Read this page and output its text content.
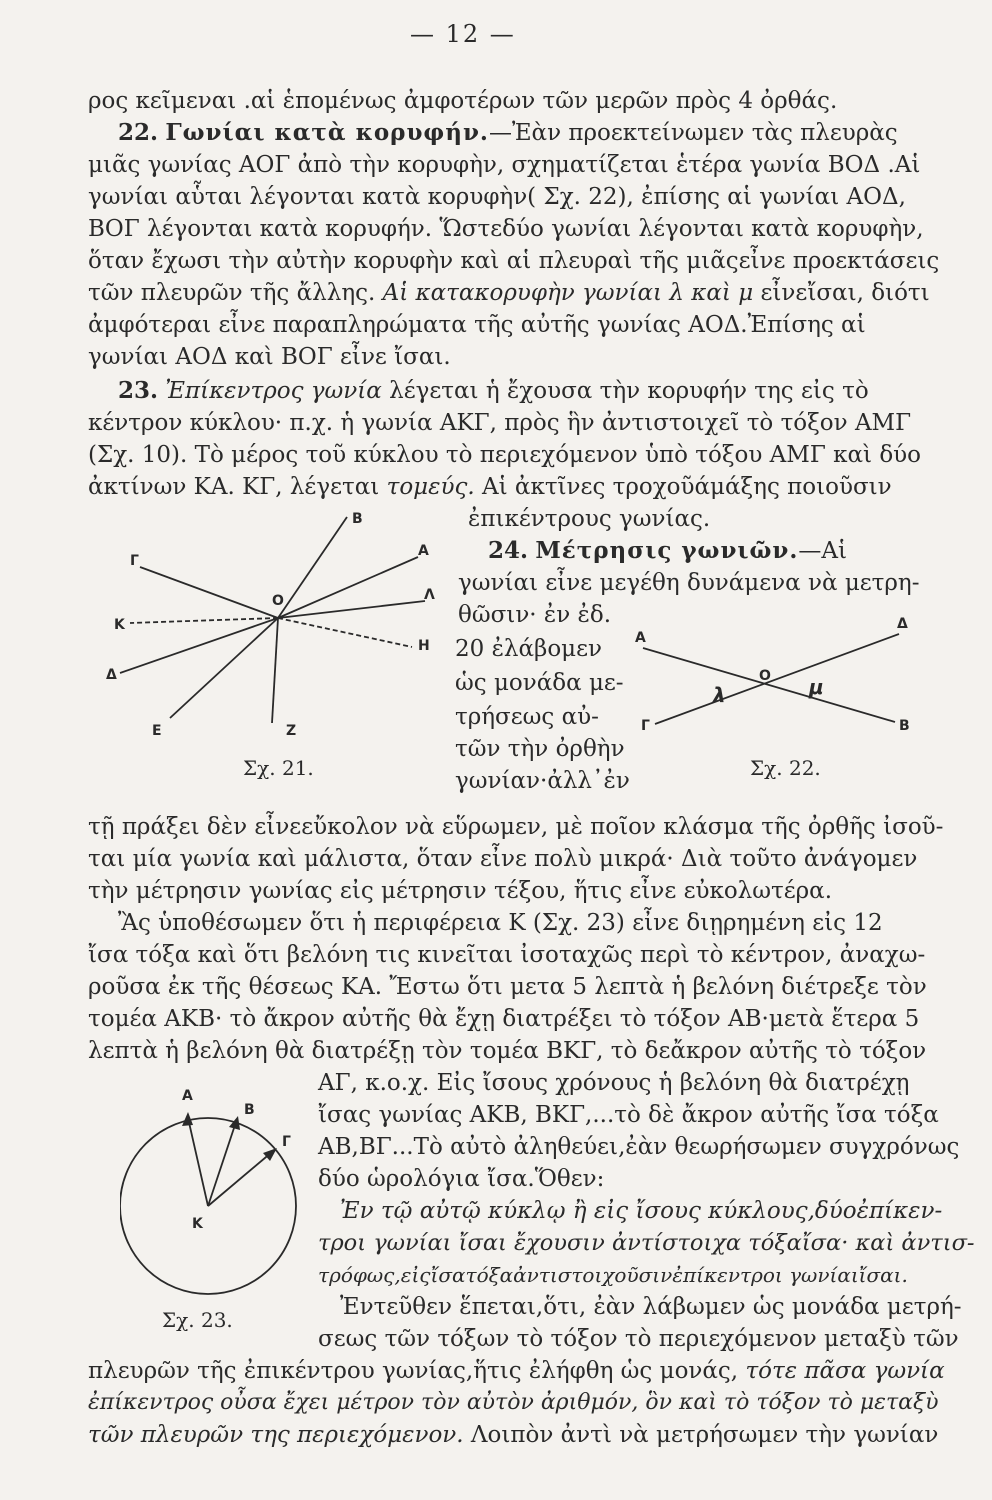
— 12 —
ρος κεῖμεναι .αἱ ἑπομένως ἀμφοτέρων τῶν μερῶν πρὸς 4 ὀρθάς.
22. Γωνίαι κατὰ κορυφήν.—Ἐὰν προεκτείνωμεν τὰς πλευρὰς
μιᾶς γωνίας ΑΟΓ ἀπὸ τὴν κορυφὴν, σχηματίζεται ἑτέρα γωνία ΒΟΔ .Αἱ
γωνίαι αὗται λέγονται κατὰ κορυφὴν( Σχ. 22), ἐπίσης αἱ γωνίαι ΑΟΔ,
ΒΟΓ λέγονται κατὰ κορυφήν. Ὥστεδύο γωνίαι λέγονται κατὰ κορυφὴν,
ὅταν ἔχωσι τὴν αὐτὴν κορυφὴν καὶ αἱ πλευραὶ τῆς μιᾶςεἶνε προεκτάσεις
τῶν πλευρῶν τῆς ἄλλης. Αἱ κατακορυφὴν γωνίαι λ καὶ μ εἶνεἴσαι, διότι
ἀμφότεραι εἶνε παραπληρώματα τῆς αὐτῆς γωνίας ΑΟΔ.Ἐπίσης αἱ
γωνίαι ΑΟΔ καὶ ΒΟΓ εἶνε ἴσαι.
23. Ἐπίκεντρος γωνία λέγεται ἡ ἔχουσα τὴν κορυφήν της εἰς τὸ
κέντρον κύκλου· π.χ. ἡ γωνία ΑΚΓ, πρὸς ἣν ἀντιστοιχεῖ τὸ τόξον ΑΜΓ
(Σχ. 10). Τὸ μέρος τοῦ κύκλου τὸ περιεχόμενον ὑπὸ τόξου ΑΜΓ καὶ δύο
ἀκτίνων ΚΑ. ΚΓ, λέγεται τομεύς. Αἱ ἀκτῖνες τροχοῦάμάξης ποιοῦσιν
ἐπικέντρους γωνίας.
24. Μέτρησις γωνιῶν.—Αἱ
γωνίαι εἶνε μεγέθη δυνάμενα νὰ μετρη-
θῶσιν· ἐν ἐδ.
20 ἐλάβομεν
ὡς μονάδα με-
τρήσεως αὐ-
τῶν τὴν ὀρθὴν
γωνίαν·ἀλλ᾽ἐν
B
A
Γ
Λ
O
K
H
Δ
E	Z
Σχ. 21.
A
Δ
O
λ	μ
Γ	B
Σχ. 22.
τῇ πράξει δὲν εἶνεεὔκολον νὰ εὕρωμεν, μὲ ποῖον κλάσμα τῆς ὀρθῆς ἰσοῦ-
ται μία γωνία καὶ μάλιστα, ὅταν εἶνε πολὺ μικρά· Διὰ τοῦτο ἀνάγομεν
τὴν μέτρησιν γωνίας εἰς μέτρησιν τέξου, ἥτις εἶνε εὐκολωτέρα.
Ἂς ὑποθέσωμεν ὅτι ἡ περιφέρεια Κ (Σχ. 23) εἶνε διῃρημένη εἰς 12
ἴσα τόξα καὶ ὅτι βελόνη τις κινεῖται ἰσοταχῶς περὶ τὸ κέντρον, ἀναχω-
ροῦσα ἐκ τῆς θέσεως ΚΑ. Ἔστω ὅτι μετα 5 λεπτὰ ἡ βελόνη διέτρεξε τὸν
τομέα ΑΚΒ· τὸ ἄκρον αὐτῆς θὰ ἔχῃ διατρέξει τὸ τόξον ΑΒ·μετὰ ἕτερα 5
λεπτὰ ἡ βελόνη θὰ διατρέξῃ τὸν τομέα ΒΚΓ, τὸ δεἄκρον αὐτῆς τὸ τόξον
A
B
Γ
K
Σχ. 23.
ΑΓ, κ.ο.χ. Εἰς ἴσους χρόνους ἡ βελόνη θὰ διατρέχῃ
ἴσας γωνίας ΑΚΒ, ΒΚΓ,...τὸ δὲ ἄκρον αὐτῆς ἴσα τόξα
ΑΒ,ΒΓ...Τὸ αὐτὸ ἀληθεύει,ἐὰν θεωρήσωμεν συγχρόνως
δύο ὡρολόγια ἴσα.Ὅθεν:
Ἐν τῷ αὐτῷ κύκλῳ ἢ εἰς ἴσους κύκλους,δύοἐπίκεν-
τροι γωνίαι ἴσαι ἔχουσιν ἀντίστοιχα τόξαἴσα· καὶ ἀντισ-
τρόφως,εἰςἴσατόξαἀντιστοιχοῦσινἐπίκεντροι γωνίαιἴσαι.
Ἐντεῦθεν ἕπεται,ὅτι, ἐὰν λάβωμεν ὡς μονάδα μετρή-
σεως τῶν τόξων τὸ τόξον τὸ περιεχόμενον μεταξὺ τῶν
πλευρῶν τῆς ἐπικέντρου γωνίας,ἥτις ἐλήφθη ὡς μονάς, τότε πᾶσα γωνία
ἐπίκεντρος οὖσα ἔχει μέτρον τὸν αὐτὸν ἀριθμόν, ὃν καὶ τὸ τόξον τὸ μεταξὺ
τῶν πλευρῶν της περιεχόμενον. Λοιπὸν ἀντὶ νὰ μετρήσωμεν τὴν γωνίαν
